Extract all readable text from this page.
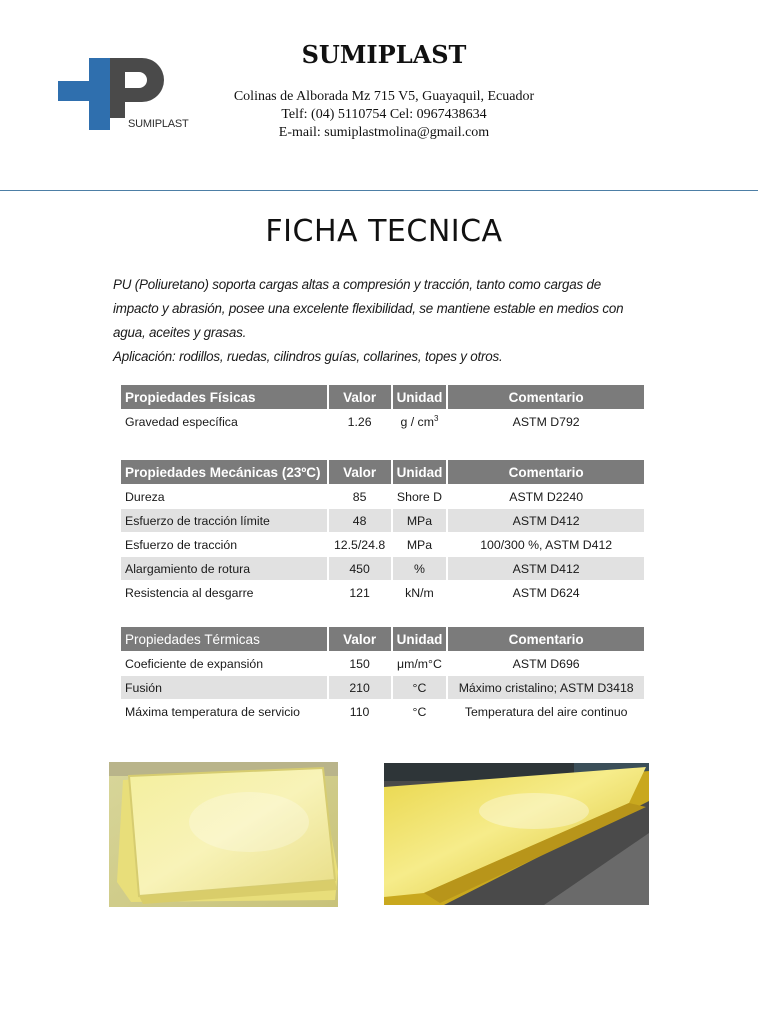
SUMIPLAST
SUMIPLAST
Colinas de Alborada Mz 715 V5, Guayaquil, Ecuador
Telf: (04) 5110754 Cel: 0967438634
E-mail: sumiplastmolina@gmail.com
FICHA TECNICA

PU (Poliuretano) soporta cargas altas a compresión y tracción, tanto como cargas de impacto y abrasión, posee una excelente flexibilidad, se mantiene estable en medios con agua, aceites y grasas.

Aplicación: rodillos, ruedas, cilindros guías, collarines, topes y otros.

Propiedades Físicas	Valor	Unidad	Comentario
Gravedad específica	1.26	g / $cm^3$	ASTM D792
Propiedades Mecánicas (23ºC)	Valor	Unidad	Comentario
Dureza	85	Shore D	ASTM D2240
Esfuerzo de tracción límite	48	MPa	ASTM D412
Esfuerzo de tracción	12.5/24.8	MPa	100/300 %, ASTM D412
Alargamiento de rotura	450	%	ASTM D412
Resistencia al desgarre	121	kN/m	ASTM D624
Propiedades Térmicas	Valor	Unidad	Comentario
Coeficiente de expansión	150	μm/m°C	ASTM D696
Fusión	210	°C	Máximo cristalino; ASTM D3418
Máxima temperatura de servicio	110	°C	Temperatura del aire continuo
